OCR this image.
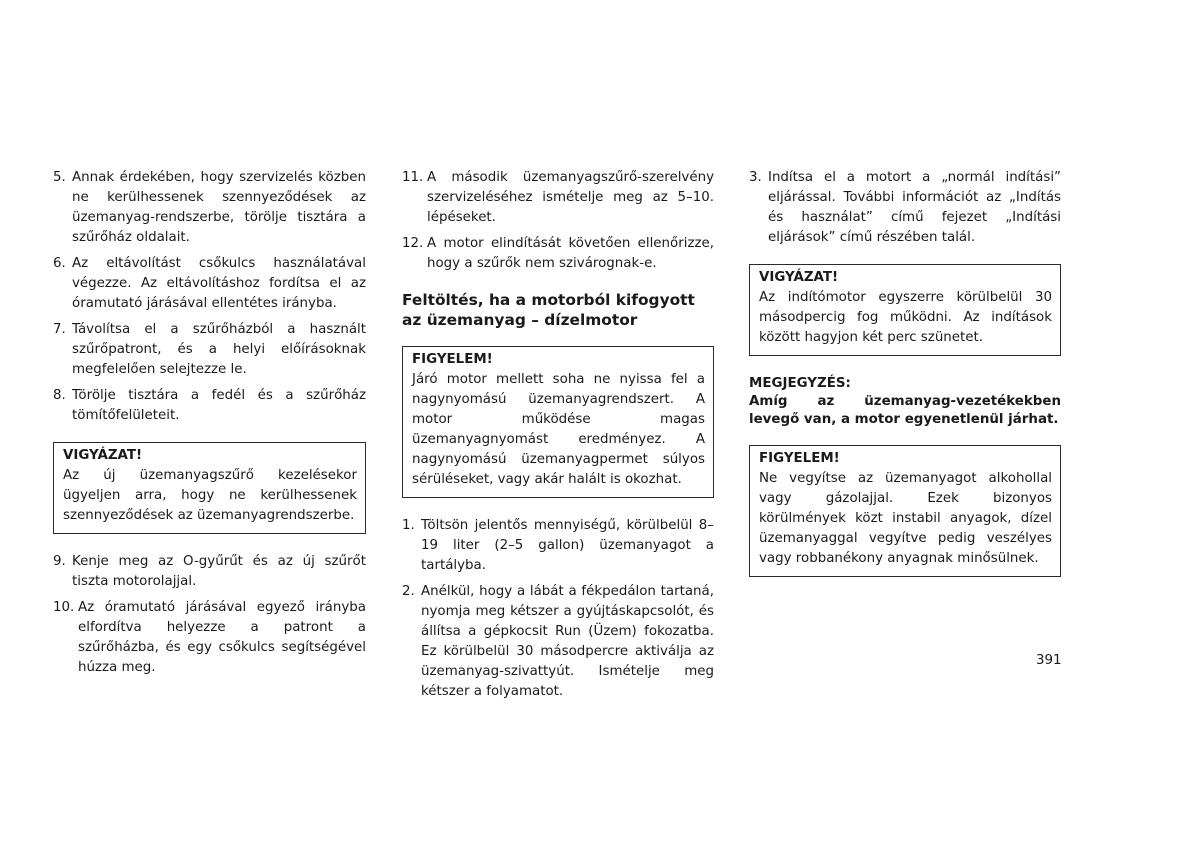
5. Annak érdekében, hogy szervizelés közben ne kerülhessenek szennyeződések az üzemanyag-rendszerbe, törölje tisztára a szűrőház oldalait.
6. Az eltávolítást csőkulcs használatával végezze. Az eltávolításhoz fordítsa el az óramutató járásával ellentétes irányba.
7. Távolítsa el a szűrőházból a használt szűrőpatront, és a helyi előírásoknak megfelelően selejtezze le.
8. Törölje tisztára a fedél és a szűrőház tömítőfelületeit.
VIGYÁZAT!
Az új üzemanyagszűrő kezelésekor ügyeljen arra, hogy ne kerülhessenek szennyeződések az üzemanyagrendszerbe.
9. Kenje meg az O-gyűrűt és az új szűrőt tiszta motorolajjal.
10. Az óramutató járásával egyező irányba elfordítva helyezze a patront a szűrőházba, és egy csőkulcs segítségével húzza meg.
11. A második üzemanyagszűrő-szerelvény szervizeléséhez ismételje meg az 5–10. lépéseket.
12. A motor elindítását követően ellenőrizze, hogy a szűrők nem szivárognak-e.
Feltöltés, ha a motorból kifogyott az üzemanyag – dízelmotor
FIGYELEM!
Járó motor mellett soha ne nyissa fel a nagynyomású üzemanyagrendszert. A motor működése magas üzemanyagnyomást eredményez. A nagynyomású üzemanyagpermet súlyos sérüléseket, vagy akár halált is okozhat.
1. Töltsön jelentős mennyiségű, körülbelül 8–19 liter (2–5 gallon) üzemanyagot a tartályba.
2. Anélkül, hogy a lábát a fékpedálon tartaná, nyomja meg kétszer a gyújtáskapcsolót, és állítsa a gépkocsit Run (Üzem) fokozatba. Ez körülbelül 30 másodpercre aktiválja az üzemanyag-szivattyút. Ismételje meg kétszer a folyamatot.
3. Indítsa el a motort a „normál indítási” eljárással. További információt az „Indítás és használat” című fejezet „Indítási eljárások” című részében talál.
VIGYÁZAT!
Az indítómotor egyszerre körülbelül 30 másodpercig fog működni. Az indítások között hagyjon két perc szünetet.
MEGJEGYZÉS:
Amíg az üzemanyag-vezetékekben levegő van, a motor egyenetlenül járhat.
FIGYELEM!
Ne vegyítse az üzemanyagot alkohollal vagy gázolajjal. Ezek bizonyos körülmények közt instabil anyagok, dízel üzemanyaggal vegyítve pedig veszélyes vagy robbanékony anyagnak minősülnek.
391
